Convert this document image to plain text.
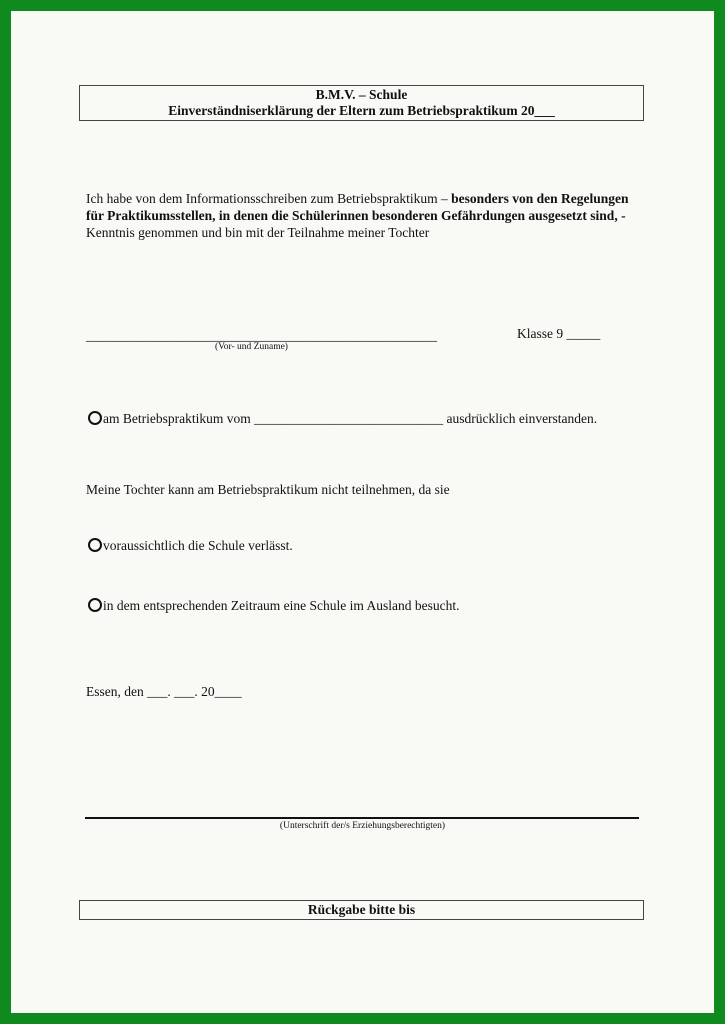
B.M.V. – Schule
Einverständniserklärung der Eltern zum Betriebspraktikum 20___
Ich habe von dem Informationsschreiben zum Betriebspraktikum – besonders von den Regelungen für Praktikumsstellen, in denen die Schülerinnen besonderen Gefährdungen ausgesetzt sind, - Kenntnis genommen und bin mit der Teilnahme meiner Tochter
____________________________________________________
(Vor- und Zuname)
Klasse 9 _____
am Betriebspraktikum vom ____________________________ ausdrücklich einverstanden.
Meine Tochter kann am Betriebspraktikum nicht teilnehmen, da sie
voraussichtlich die Schule verlässt.
in dem entsprechenden Zeitraum eine Schule im Ausland besucht.
Essen, den ___. ___. 20____
(Unterschrift der/s Erziehungsberechtigten)
Rückgabe bitte bis
